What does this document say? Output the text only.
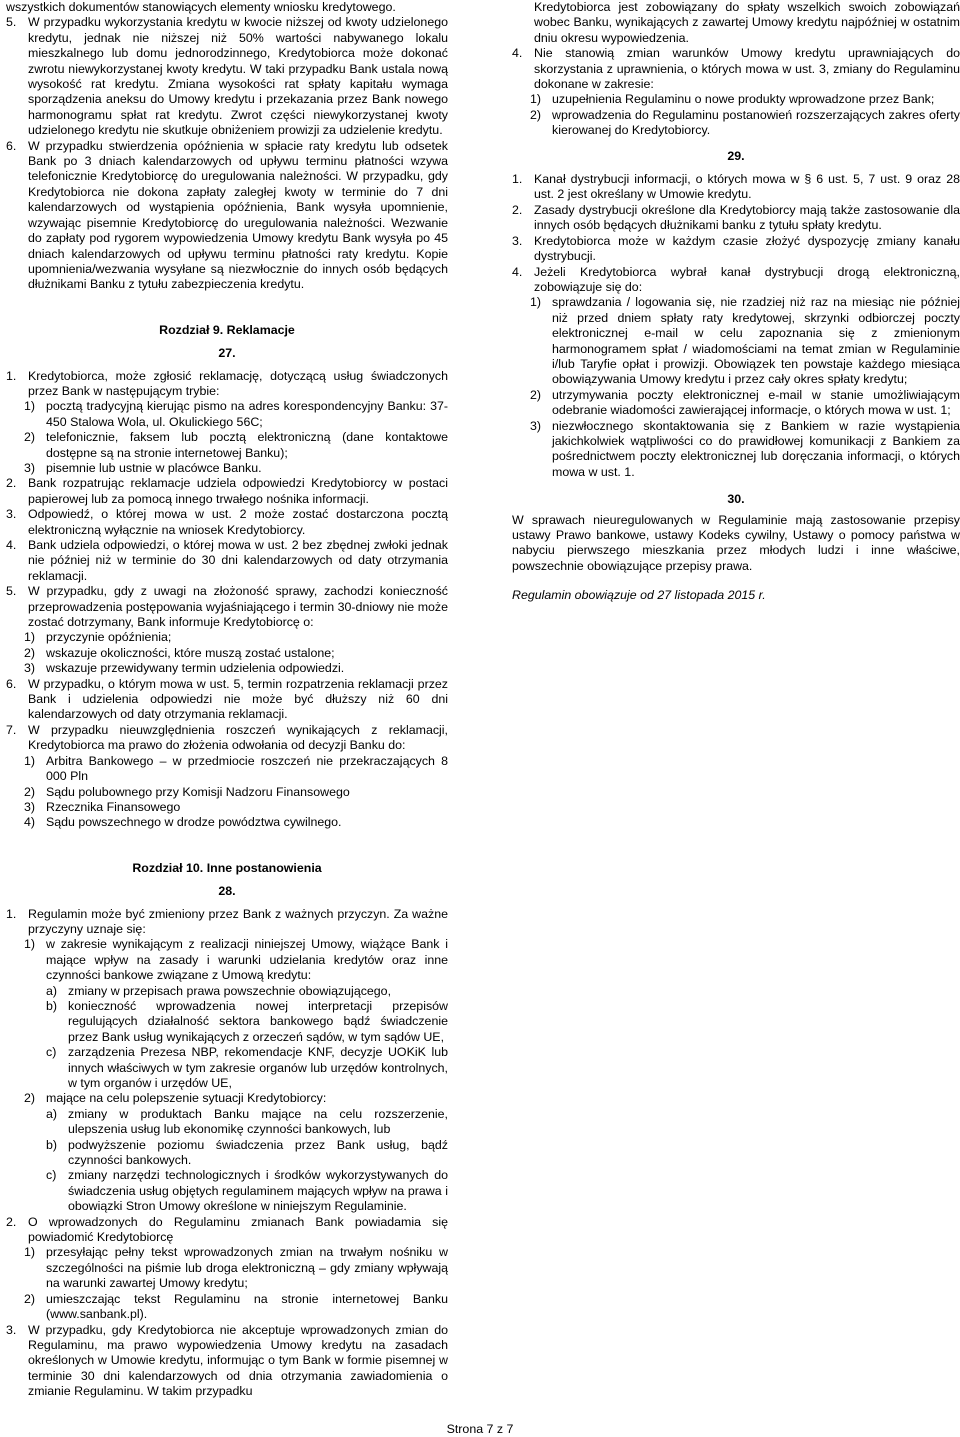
wszystkich dokumentów stanowiących elementy wniosku kredytowego.

5. W przypadku wykorzystania kredytu w kwocie niższej od kwoty udzielonego kredytu, jednak nie niższej niż 50% wartości nabywanego lokalu mieszkalnego lub domu jednorodzinnego, Kredytobiorca może dokonać zwrotu niewykorzystanej kwoty kredytu. W taki przypadku Bank ustala nową wysokość rat kredytu. Zmiana wysokości rat spłaty kapitału wymaga sporządzenia aneksu do Umowy kredytu i przekazania przez Bank nowego harmonogramu spłat rat kredytu. Zwrot części niewykorzystanej kwoty udzielonego kredytu nie skutkuje obniżeniem prowizji za udzielenie kredytu.
6. W przypadku stwierdzenia opóźnienia w spłacie raty kredytu lub odsetek Bank po 3 dniach kalendarzowych od upływu terminu płatności wzywa telefonicznie Kredytobiorcę do uregulowania należności. W przypadku, gdy Kredytobiorca nie dokona zapłaty zaległej kwoty w terminie do 7 dni kalendarzowych od wystąpienia opóźnienia, Bank wysyła upomnienie, wzywając pisemnie Kredytobiorcę do uregulowania należności. Wezwanie do zapłaty pod rygorem wypowiedzenia Umowy kredytu Bank wysyła po 45 dniach kalendarzowych od upływu terminu płatności raty kredytu. Kopie upomnienia/wezwania wysyłane są niezwłocznie do innych osób będących dłużnikami Banku z tytułu zabezpieczenia kredytu.
Rozdział 9. Reklamacje
27.
1. Kredytobiorca, może zgłosić reklamację, dotyczącą usług świadczonych przez Bank w następującym trybie:
1) pocztą tradycyjną kierując pismo na adres korespondencyjny Banku: 37-450 Stalowa Wola, ul. Okulickiego 56C;
2) telefonicznie, faksem lub pocztą elektroniczną (dane kontaktowe dostępne są na stronie internetowej Banku);
3) pisemnie lub ustnie w placówce Banku.
2. Bank rozpatrując reklamacje udziela odpowiedzi Kredytobiorcy w postaci papierowej lub za pomocą innego trwałego nośnika informacji.
3. Odpowiedź, o której mowa w ust. 2 może zostać dostarczona pocztą elektroniczną wyłącznie na wniosek Kredytobiorcy.
4. Bank udziela odpowiedzi, o której mowa w ust. 2 bez zbędnej zwłoki jednak nie później niż w terminie do 30 dni kalendarzowych od daty otrzymania reklamacji.
5. W przypadku, gdy z uwagi na złożoność sprawy, zachodzi konieczność przeprowadzenia postępowania wyjaśniającego i termin 30-dniowy nie może zostać dotrzymany, Bank informuje Kredytobiorcę o:
1) przyczynie opóźnienia;
2) wskazuje okoliczności, które muszą zostać ustalone;
3) wskazuje przewidywany termin udzielenia odpowiedzi.
6. W przypadku, o którym mowa w ust. 5, termin rozpatrzenia reklamacji przez Bank i udzielenia odpowiedzi nie może być dłuższy niż 60 dni kalendarzowych od daty otrzymania reklamacji.
7. W przypadku nieuwzględnienia roszczeń wynikających z reklamacji, Kredytobiorca ma prawo do złożenia odwołania od decyzji Banku do:
1) Arbitra Bankowego – w przedmiocie roszczeń nie przekraczających 8 000 Pln
2) Sądu polubownego przy Komisji Nadzoru Finansowego
3) Rzecznika Finansowego
4) Sądu powszechnego w drodze powództwa cywilnego.
Rozdział 10. Inne postanowienia
28.
1. Regulamin może być zmieniony przez Bank z ważnych przyczyn. Za ważne przyczyny uznaje się:
1) w zakresie wynikającym z realizacji niniejszej Umowy, wiążące Bank i mające wpływ na zasady i warunki udzielania kredytów oraz inne czynności bankowe związane z Umową kredytu:
a) zmiany w przepisach prawa powszechnie obowiązującego,
b) konieczność wprowadzenia nowej interpretacji przepisów regulujących działalność sektora bankowego bądź świadczenie przez Bank usług wynikających z orzeczeń sądów, w tym sądów UE,
c) zarządzenia Prezesa NBP, rekomendacje KNF, decyzje UOKiK lub innych właściwych w tym zakresie organów lub urzędów kontrolnych, w tym organów i urzędów UE,
2) mające na celu polepszenie sytuacji Kredytobiorcy:
a) zmiany w produktach Banku mające na celu rozszerzenie, ulepszenia usług lub ekonomikę czynności bankowych, lub
b) podwyższenie poziomu świadczenia przez Bank usług, bądź czynności bankowych.
c) zmiany narzędzi technologicznych i środków wykorzystywanych do świadczenia usług objętych regulaminem mających wpływ na prawa i obowiązki Stron Umowy określone w niniejszym Regulaminie.
2. O wprowadzonych do Regulaminu zmianach Bank powiadamia się powiadomić Kredytobiorcę
1) przesyłając pełny tekst wprowadzonych zmian na trwałym nośniku w szczególności na piśmie lub droga elektroniczną – gdy zmiany wpływają na warunki zawartej Umowy kredytu;
2) umieszczając tekst Regulaminu na stronie internetowej Banku (www.sanbank.pl).
3. W przypadku, gdy Kredytobiorca nie akceptuje wprowadzonych zmian do Regulaminu, ma prawo wypowiedzenia Umowy kredytu na zasadach określonych w Umowie kredytu, informując o tym Bank w formie pisemnej w terminie 30 dni kalendarzowych od dnia otrzymania zawiadomienia o zmianie Regulaminu. W takim przypadku

Kredytobiorca jest zobowiązany do spłaty wszelkich swoich zobowiązań wobec Banku, wynikających z zawartej Umowy kredytu najpóźniej w ostatnim dniu okresu wypowiedzenia.

4. Nie stanowią zmian warunków Umowy kredytu uprawniających do skorzystania z uprawnienia, o których mowa w ust. 3, zmiany do Regulaminu dokonane w zakresie:
1) uzupełnienia Regulaminu o nowe produkty wprowadzone przez Bank;
2) wprowadzenia do Regulaminu postanowień rozszerzających zakres oferty kierowanej do Kredytobiorcy.
29.
1. Kanał dystrybucji informacji, o których mowa w § 6 ust. 5, 7 ust. 9 oraz 28 ust. 2 jest określany w Umowie kredytu.
2. Zasady dystrybucji określone dla Kredytobiorcy mają także zastosowanie dla innych osób będących dłużnikami banku z tytułu spłaty kredytu.
3. Kredytobiorca może w każdym czasie złożyć dyspozycję zmiany kanału dystrybucji.
4. Jeżeli Kredytobiorca wybrał kanał dystrybucji drogą elektroniczną, zobowiązuje się do:
1) sprawdzania / logowania się, nie rzadziej niż raz na miesiąc nie później niż przed dniem spłaty raty kredytowej, skrzynki odbiorczej poczty elektronicznej e-mail w celu zapoznania się z zmienionym harmonogramem spłat / wiadomościami na temat zmian w Regulaminie i/lub Taryfie opłat i prowizji. Obowiązek ten powstaje każdego miesiąca obowiązywania Umowy kredytu i przez cały okres spłaty kredytu;
2) utrzymywania poczty elektronicznej e-mail w stanie umożliwiającym odebranie wiadomości zawierającej informacje, o których mowa w ust. 1;
3) niezwłocznego skontaktowania się z Bankiem w razie wystąpienia jakichkolwiek wątpliwości co do prawidłowej komunikacji z Bankiem za pośrednictwem poczty elektronicznej lub doręczania informacji, o których mowa w ust. 1.
30.

W sprawach nieuregulowanych w Regulaminie mają zastosowanie przepisy ustawy Prawo bankowe, ustawy Kodeks cywilny, Ustawy o pomocy państwa w nabyciu pierwszego mieszkania przez młodych ludzi i inne właściwe, powszechnie obowiązujące przepisy prawa.

Regulamin obowiązuje od 27 listopada 2015 r.

Strona 7 z 7
